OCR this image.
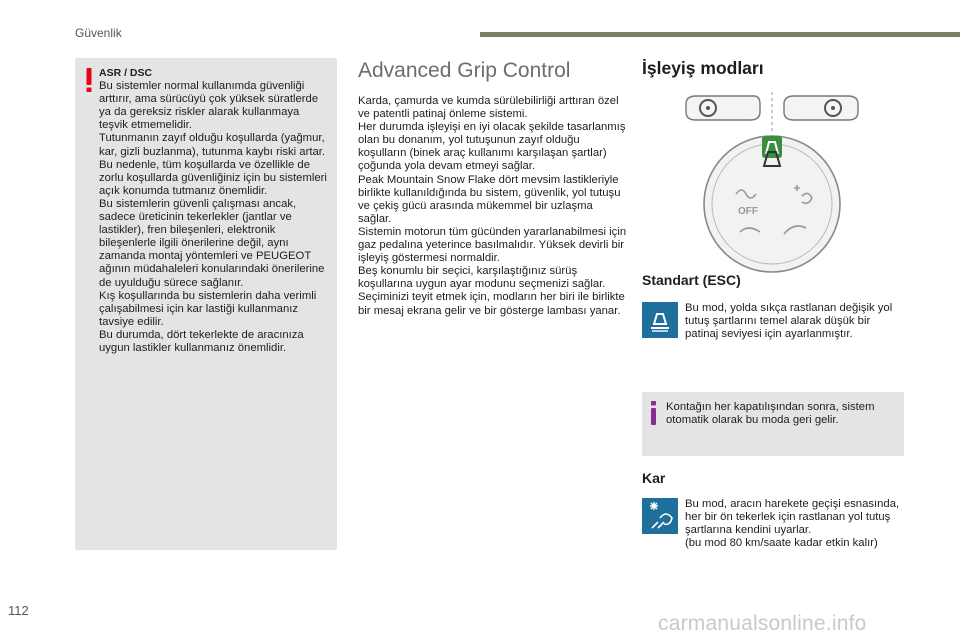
Güvenlik

ASR / DSC

Bu sistemler normal kullanımda güvenliği arttırır, ama sürücüyü çok yüksek süratlerde ya da gereksiz riskler alarak kullanmaya teşvik etmemelidir.

Tutunmanın zayıf olduğu koşullarda (yağmur, kar, gizli buzlanma), tutunma kaybı riski artar. Bu nedenle, tüm koşullarda ve özellikle de zorlu koşullarda güvenliğiniz için bu sistemleri açık konumda tutmanız önemlidir.

Bu sistemlerin güvenli çalışması ancak, sadece üreticinin tekerlekler (jantlar ve lastikler), fren bileşenleri, elektronik bileşenlerle ilgili önerilerine değil, aynı zamanda montaj yöntemleri ve PEUGEOT ağının müdahaleleri konularındaki önerilerine de uyulduğu sürece sağlanır.

Kış koşullarında bu sistemlerin daha verimli çalışabilmesi için kar lastiği kullanmanız tavsiye edilir.

Bu durumda, dört tekerlekte de aracınıza uygun lastikler kullanmanız önemlidir.

Advanced Grip Control

Karda, çamurda ve kumda sürülebilirliği arttıran özel ve patentli patinaj önleme sistemi.
Her durumda işleyişi en iyi olacak şekilde tasarlanmış olan bu donanım, yol tutuşunun zayıf olduğu koşulların (binek araç kullanımı karşılaşan şartlar) çoğunda yola devam etmeyi sağlar.
Peak Mountain Snow Flake dört mevsim lastikleriyle birlikte kullanıldığında bu sistem, güvenlik, yol tutuşu ve çekiş gücü arasında mükemmel bir uzlaşma sağlar.
Sistemin motorun tüm gücünden yararlanabilmesi için gaz pedalına yeterince basılmalıdır. Yüksek devirli bir işleyiş göstermesi normaldir.
Beş konumlu bir seçici, karşılaştığınız sürüş koşullarına uygun ayar modunu seçmenizi sağlar.
Seçiminizi teyit etmek için, modların her biri ile birlikte bir mesaj ekrana gelir ve bir gösterge lambası yanar.

İşleyiş modları
OFF
Standart (ESC)
Bu mod, yolda sıkça rastlanan değişik yol tutuş şartlarını temel alarak düşük bir patinaj seviyesi için ayarlanmıştır.
Kontağın her kapatılışından sonra, sistem otomatik olarak bu moda geri gelir.
Kar
Bu mod, aracın harekete geçişi esnasında, her bir ön tekerlek için rastlanan yol tutuş şartlarına kendini uyarlar.
(bu mod 80 km/saate kadar etkin kalır)
112
carmanualsonline.info
